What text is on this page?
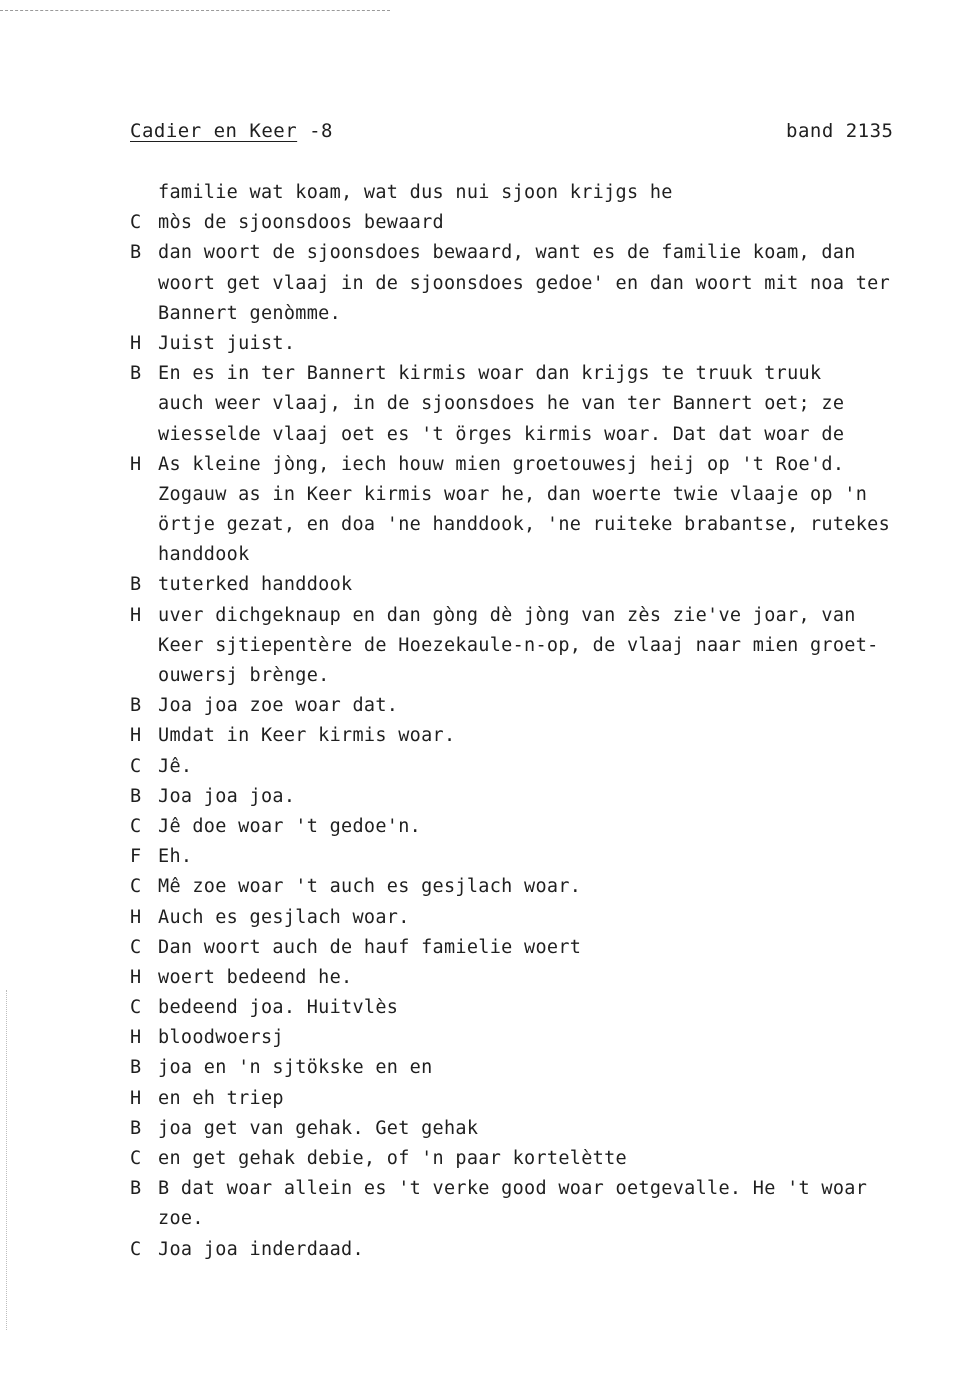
Cadier en Keer -8	band 2135
familie wat koam, wat dus nui sjoon krijgs he
C mòs de sjoonsdoos bewaard
B dan woort de sjoonsdoes bewaard, want es de familie koam, dan
woort get vlaaj in de sjoonsdoes gedoe' en dan woort mit noa ter
Bannert genòmme.
H Juist juist.
B En es in ter Bannert kirmis woar dan krijgs te truuk truuk
auch weer vlaaj, in de sjoonsdoes he van ter Bannert oet; ze
wiesselde vlaaj oet es 't örges kirmis woar. Dat dat woar de
H As kleine jòng, iech houw mien groetouwesj heij op 't Roe'd.
Zogauw as in Keer kirmis woar he, dan woerte twie vlaaje op 'n
örtje gezat, en doa 'ne handdook, 'ne ruiteke brabantse, rutekes
handdook
B tuterked handdook
H uver dichgeknaup en dan gòng dè jòng van zès zie've joar, van
Keer sjtiepentère de Hoezekaule-n-op, de vlaaj naar mien groet-
ouwersj brènge.
B Joa joa zoe woar dat.
H Umdat in Keer kirmis woar.
C Jê.
B Joa joa joa.
C Jê doe woar 't gedoe'n.
F Eh.
C Mê zoe woar 't auch es gesjlach woar.
H Auch es gesjlach woar.
C Dan woort auch de hauf famielie woert
H woert bedeend he.
C bedeend joa. Huitvlès
H bloodwoersj
B joa en 'n sjtökske en en
H en eh triep
B joa get van gehak. Get gehak
C en get gehak debie, of 'n paar kortelètte
B B dat woar allein es 't verke good woar oetgevalle. He 't woar
zoe.
C Joa joa inderdaad.
